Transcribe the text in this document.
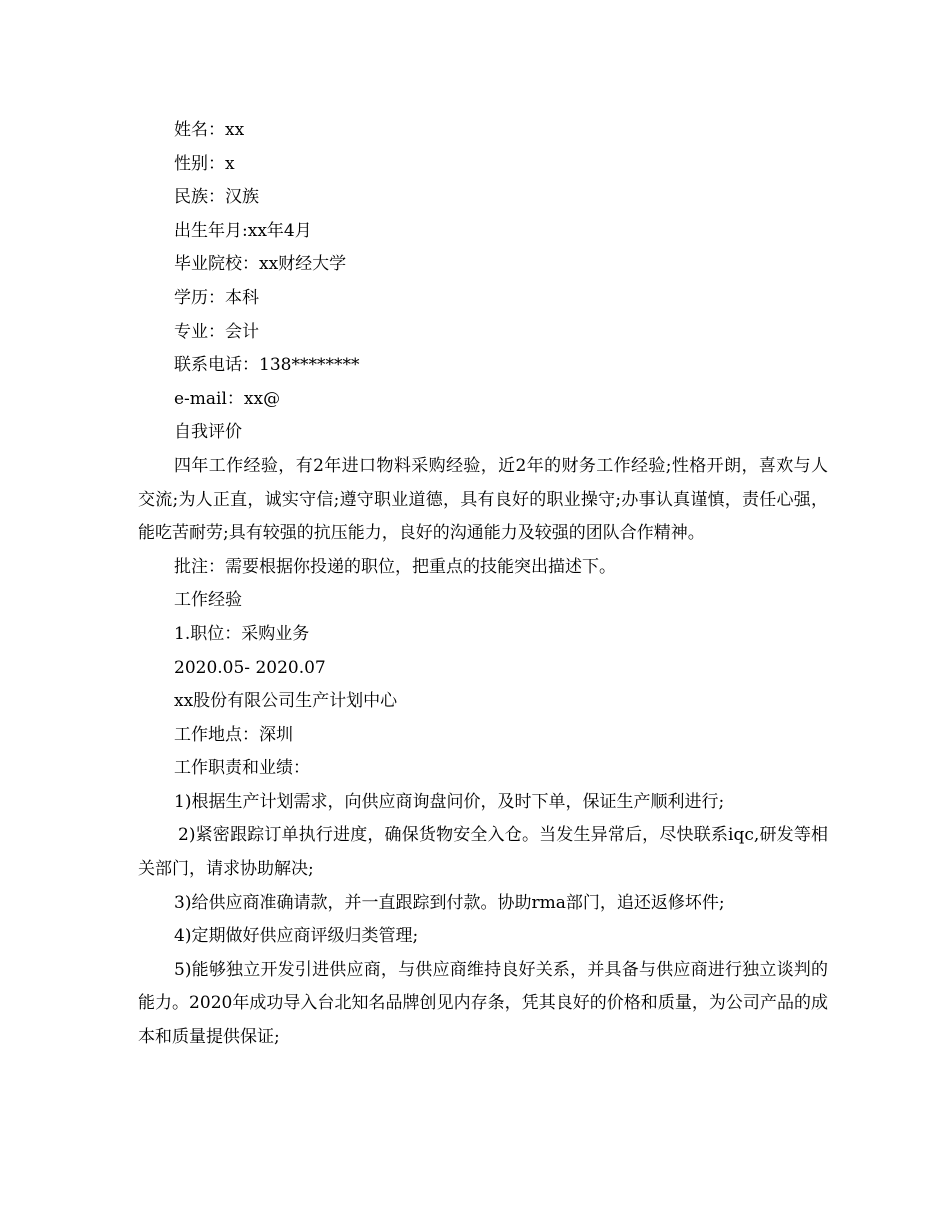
姓名：xx
性别：x
民族：汉族
出生年月:xx年4月
毕业院校：xx财经大学
学历：本科
专业：会计
联系电话：138********
e-mail：xx@
自我评价

四年工作经验，有2年进口物料采购经验，近2年的财务工作经验;性格开朗，喜欢与人交流;为人正直，诚实守信;遵守职业道德，具有良好的职业操守;办事认真谨慎，责任心强，能吃苦耐劳;具有较强的抗压能力，良好的沟通能力及较强的团队合作精神。

批注：需要根据你投递的职位，把重点的技能突出描述下。
工作经验
1.职位：采购业务
2020.05- 2020.07
xx股份有限公司生产计划中心
工作地点：深圳
工作职责和业绩：

1)根据生产计划需求，向供应商询盘问价，及时下单，保证生产顺利进行;

2)紧密跟踪订单执行进度，确保货物安全入仓。当发生异常后，尽快联系iqc,研发等相关部门，请求协助解决;

3)给供应商准确请款，并一直跟踪到付款。协助rma部门，追还返修坏件;

4)定期做好供应商评级归类管理;

5)能够独立开发引进供应商，与供应商维持良好关系，并具备与供应商进行独立谈判的能力。2020年成功导入台北知名品牌创见内存条，凭其良好的价格和质量，为公司产品的成本和质量提供保证;
